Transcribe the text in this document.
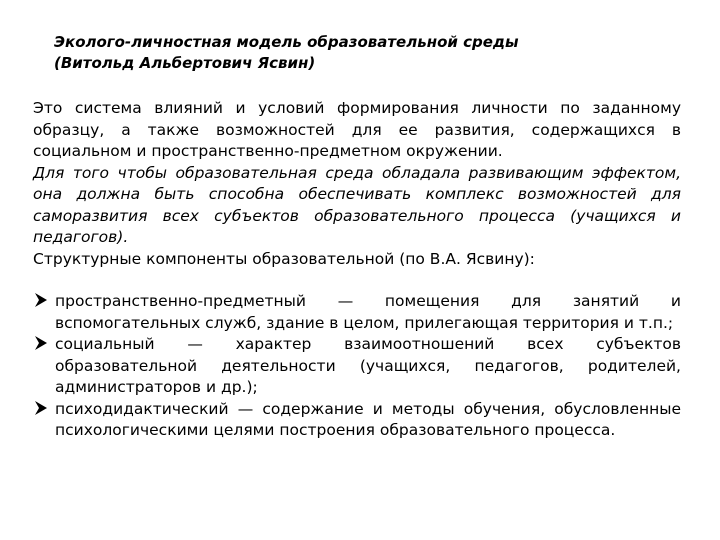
Эколого-личностная модель образовательной среды
(Витольд Альбертович Ясвин)

Это система влияний и условий формирования личности по заданному образцу, а также возможностей для ее развития, содержащихся в социальном и пространственно-предметном окружении.

Для того чтобы образовательная среда обладала развивающим эффектом, она должна быть способна обеспечивать комплекс возможностей для саморазвития всех субъектов образовательного процесса (учащихся и педагогов).

Структурные компоненты образовательной (по В.А. Ясвину):

пространственно-предметный — помещения для занятий и вспомогательных служб, здание в целом, прилегающая территория и т.п.;
социальный — характер взаимоотношений всех субъектов образовательной деятельности (учащихся, педагогов, родителей, администраторов и др.);
психодидактический — содержание и методы обучения, обусловленные психологическими целями построения образовательного процесса.
